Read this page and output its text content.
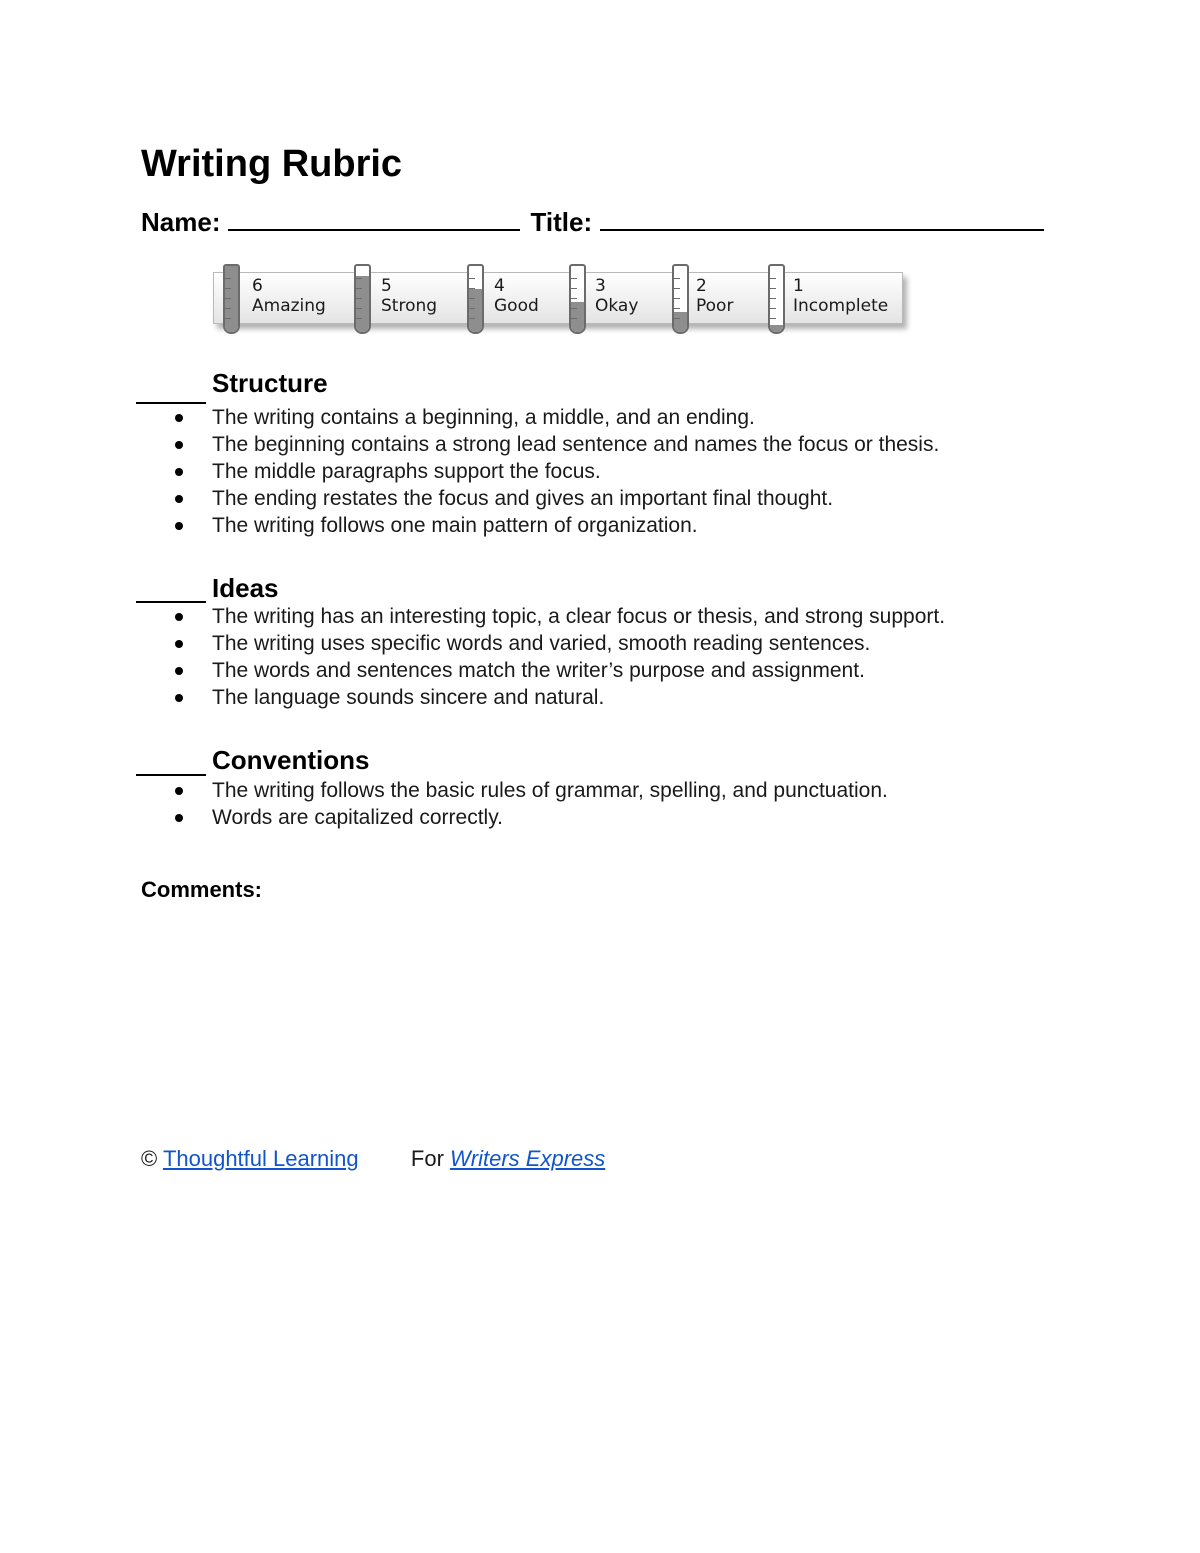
Writing Rubric
Name:	Title:
6
Amazing
5
Strong
4
Good
3
Okay
2
Poor
1
Incomplete
Structure
The writing contains a beginning, a middle, and an ending.
The beginning contains a strong lead sentence and names the focus or thesis.
The middle paragraphs support the focus.
The ending restates the focus and gives an important final thought.
The writing follows one main pattern of organization.
Ideas
The writing has an interesting topic, a clear focus or thesis, and strong support.
The writing uses specific words and varied, smooth reading sentences.
The words and sentences match the writer’s purpose and assignment.
The language sounds sincere and natural.
Conventions
The writing follows the basic rules of grammar, spelling, and punctuation.
Words are capitalized correctly.
Comments:
© Thoughtful Learning For Writers Express
